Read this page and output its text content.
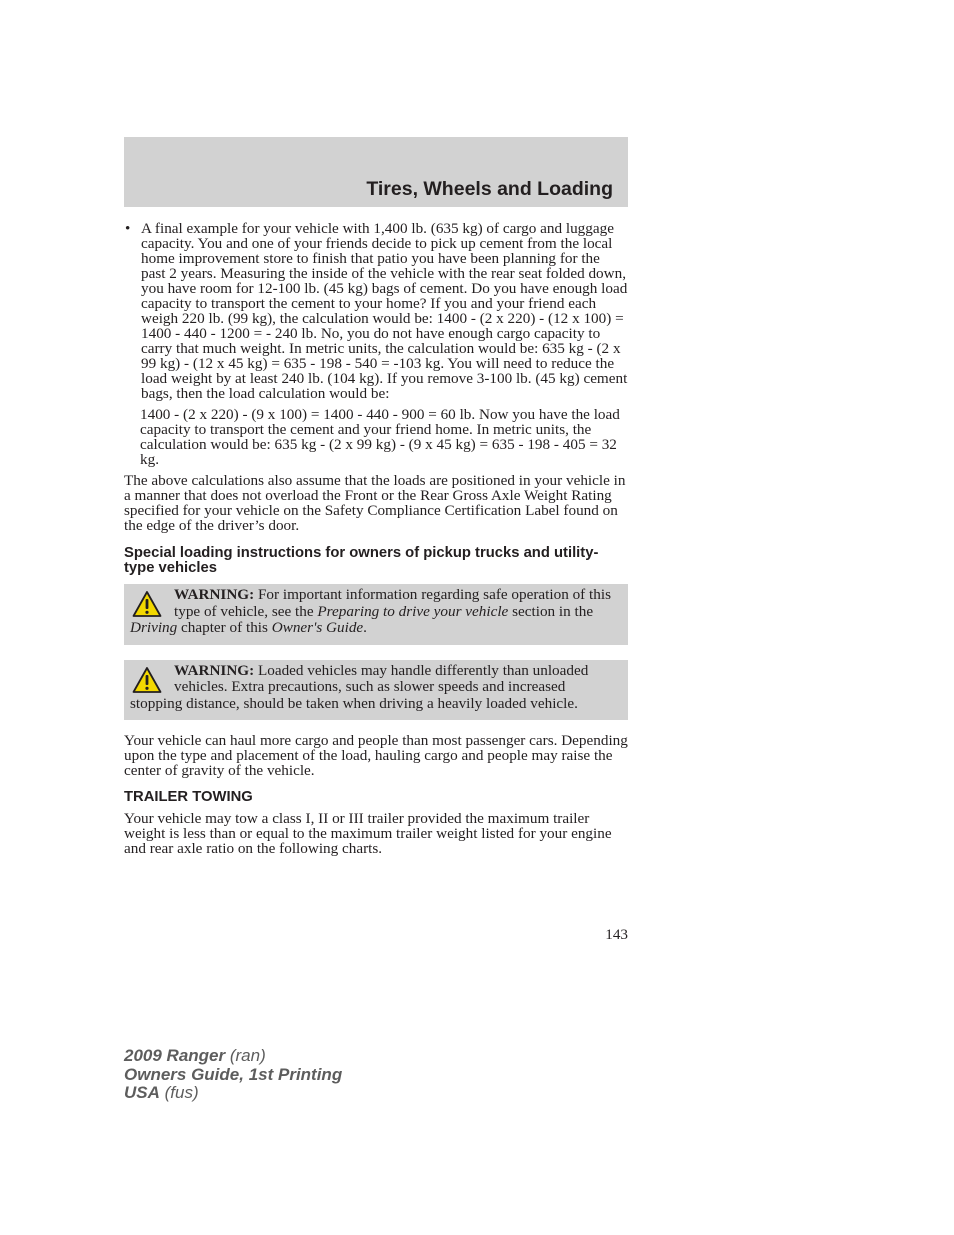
Tires, Wheels and Loading
• A final example for your vehicle with 1,400 lb. (635 kg) of cargo and luggage capacity. You and one of your friends decide to pick up cement from the local home improvement store to finish that patio you have been planning for the past 2 years. Measuring the inside of the vehicle with the rear seat folded down, you have room for 12-100 lb. (45 kg) bags of cement. Do you have enough load capacity to transport the cement to your home? If you and your friend each weigh 220 lb. (99 kg), the calculation would be: 1400 - (2 x 220) - (12 x 100) = 1400 - 440 - 1200 = - 240 lb. No, you do not have enough cargo capacity to carry that much weight. In metric units, the calculation would be: 635 kg - (2 x 99 kg) - (12 x 45 kg) = 635 - 198 - 540 = -103 kg. You will need to reduce the load weight by at least 240 lb. (104 kg). If you remove 3-100 lb. (45 kg) cement bags, then the load calculation would be:

1400 - (2 x 220) - (9 x 100) = 1400 - 440 - 900 = 60 lb. Now you have the load capacity to transport the cement and your friend home. In metric units, the calculation would be: 635 kg - (2 x 99 kg) - (9 x 45 kg) = 635 - 198 - 405 = 32 kg.

The above calculations also assume that the loads are positioned in your vehicle in a manner that does not overload the Front or the Rear Gross Axle Weight Rating specified for your vehicle on the Safety Compliance Certification Label found on the edge of the driver’s door.

Special loading instructions for owners of pickup trucks and utility-type vehicles
WARNING: For important information regarding safe operation of this type of vehicle, see the Preparing to drive your vehicle section in the Driving chapter of this Owner's Guide.
WARNING: Loaded vehicles may handle differently than unloaded vehicles. Extra precautions, such as slower speeds and increased stopping distance, should be taken when driving a heavily loaded vehicle.

Your vehicle can haul more cargo and people than most passenger cars. Depending upon the type and placement of the load, hauling cargo and people may raise the center of gravity of the vehicle.

TRAILER TOWING

Your vehicle may tow a class I, II or III trailer provided the maximum trailer weight is less than or equal to the maximum trailer weight listed for your engine and rear axle ratio on the following charts.

143
2009 Ranger (ran)
Owners Guide, 1st Printing
USA (fus)
